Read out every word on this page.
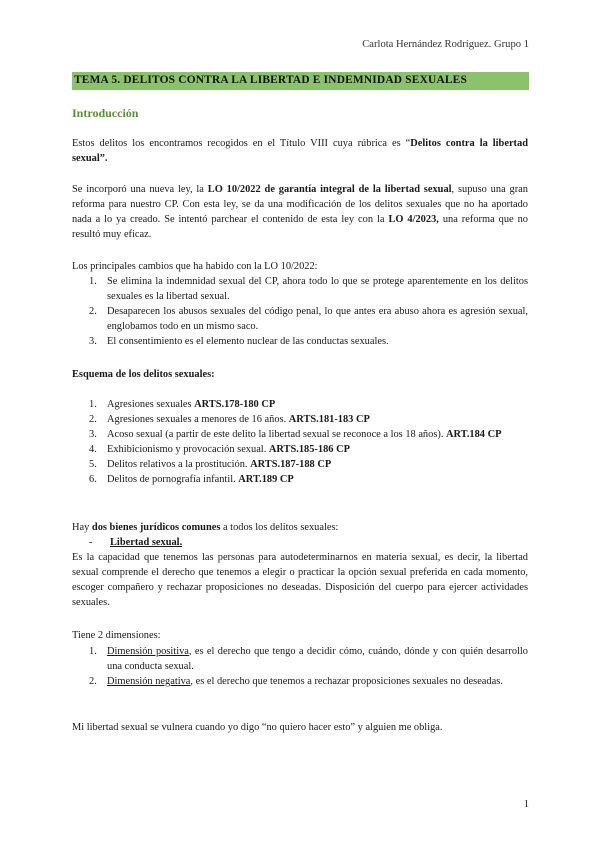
Carlota Hernández Rodríguez. Grupo 1
TEMA 5. DELITOS CONTRA LA LIBERTAD E INDEMNIDAD SEXUALES
Introducción
Estos delitos los encontramos recogidos en el Título VIII cuya rúbrica es “Delitos contra la libertad sexual”.
Se incorporó una nueva ley, la LO 10/2022 de garantía integral de la libertad sexual, supuso una gran reforma para nuestro CP. Con esta ley, se da una modificación de los delitos sexuales que no ha aportado nada a lo ya creado. Se intentó parchear el contenido de esta ley con la LO 4/2023, una reforma que no resultó muy eficaz.
Los principales cambios que ha habido con la LO 10/2022:
1. Se elimina la indemnidad sexual del CP, ahora todo lo que se protege aparentemente en los delitos sexuales es la libertad sexual.
2. Desaparecen los abusos sexuales del código penal, lo que antes era abuso ahora es agresión sexual, englobamos todo en un mismo saco.
3. El consentimiento es el elemento nuclear de las conductas sexuales.
Esquema de los delitos sexuales:
1. Agresiones sexuales ARTS.178-180 CP
2. Agresiones sexuales a menores de 16 años. ARTS.181-183 CP
3. Acoso sexual (a partir de este delito la libertad sexual se reconoce a los 18 años). ART.184 CP
4. Exhibicionismo y provocación sexual. ARTS.185-186 CP
5. Delitos relativos a la prostitución. ARTS.187-188 CP
6. Delitos de pornografía infantil. ART.189 CP
Hay dos bienes jurídicos comunes a todos los delitos sexuales:
- Libertad sexual.
Es la capacidad que tenemos las personas para autodeterminarnos en materia sexual, es decir, la libertad sexual comprende el derecho que tenemos a elegir o practicar la opción sexual preferida en cada momento, escoger compañero y rechazar proposiciones no deseadas. Disposición del cuerpo para ejercer actividades sexuales.
Tiene 2 dimensiones:
1. Dimensión positiva, es el derecho que tengo a decidir cómo, cuándo, dónde y con quién desarrollo una conducta sexual.
2. Dimensión negativa, es el derecho que tenemos a rechazar proposiciones sexuales no deseadas.
Mi libertad sexual se vulnera cuando yo digo “no quiero hacer esto” y alguien me obliga.
1
